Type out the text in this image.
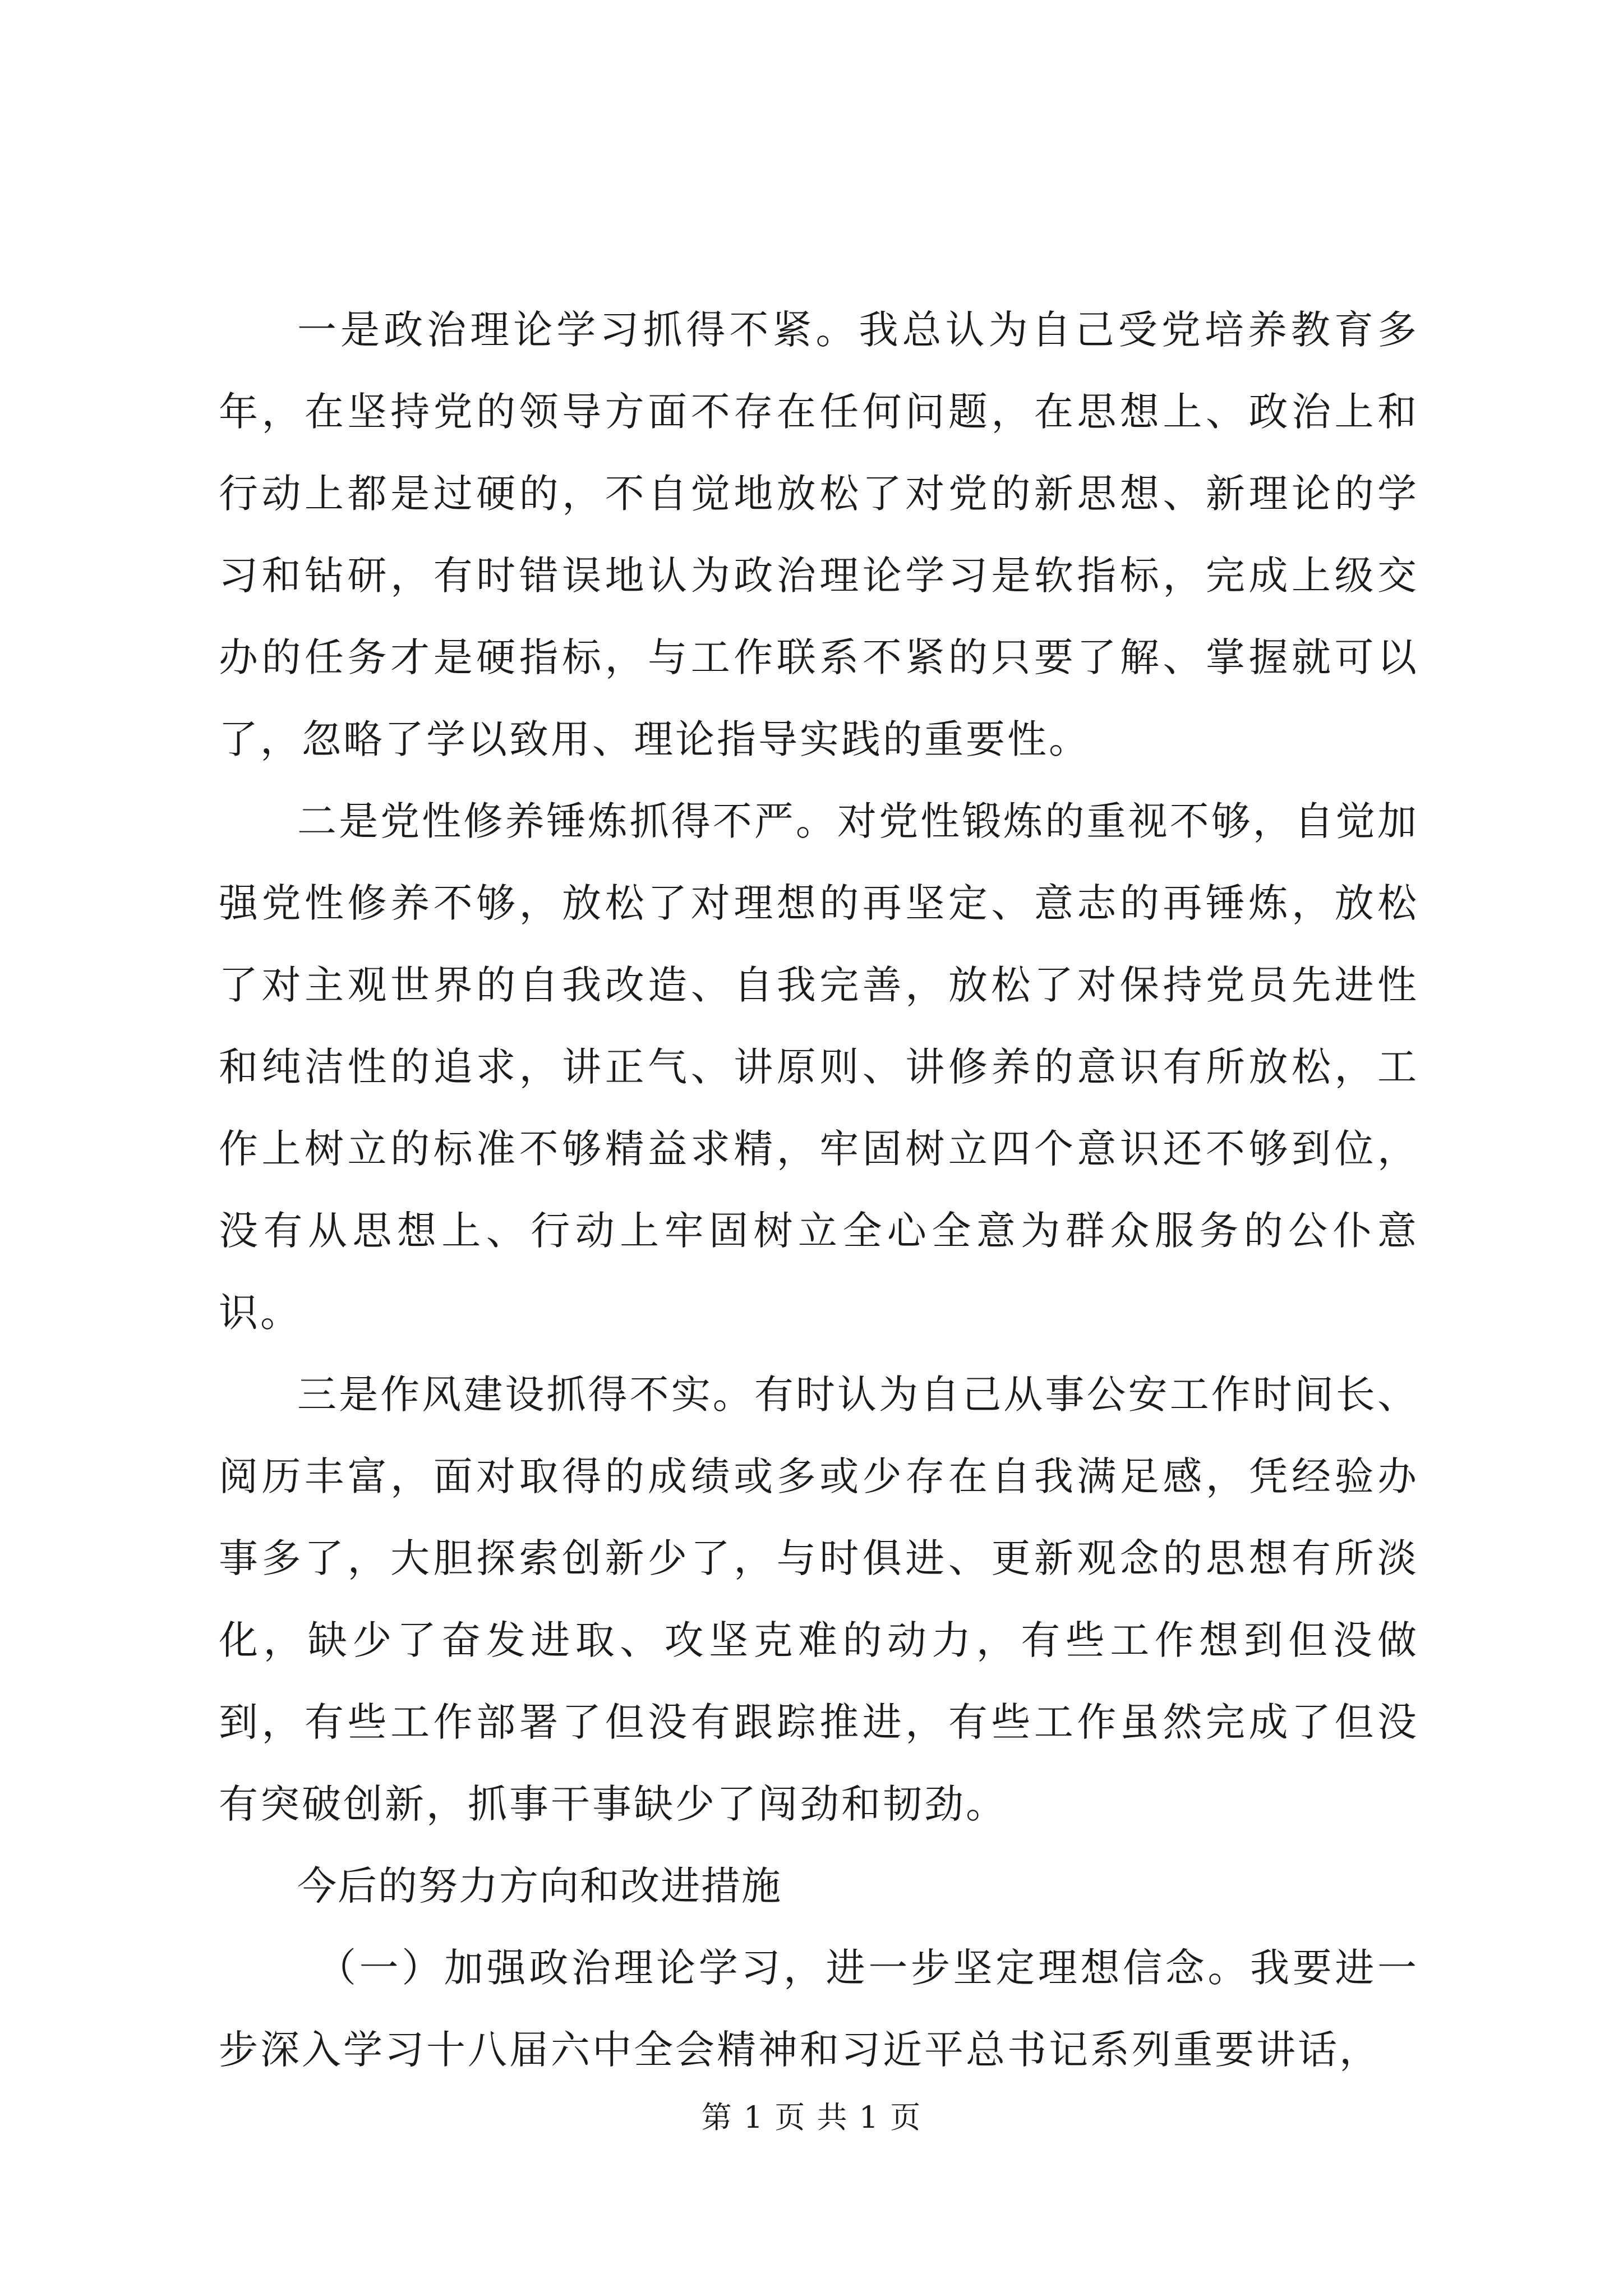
一是政治理论学习抓得不紧。我总认为自己受党培养教育多年，在坚持党的领导方面不存在任何问题，在思想上、政治上和行动上都是过硬的，不自觉地放松了对党的新思想、新理论的学习和钻研，有时错误地认为政治理论学习是软指标，完成上级交办的任务才是硬指标，与工作联系不紧的只要了解、掌握就可以了，忽略了学以致用、理论指导实践的重要性。

二是党性修养锤炼抓得不严。对党性锻炼的重视不够，自觉加强党性修养不够，放松了对理想的再坚定、意志的再锤炼，放松了对主观世界的自我改造、自我完善，放松了对保持党员先进性和纯洁性的追求，讲正气、讲原则、讲修养的意识有所放松，工作上树立的标准不够精益求精，牢固树立四个意识还不够到位，没有从思想上、行动上牢固树立全心全意为群众服务的公仆意识。

三是作风建设抓得不实。有时认为自己从事公安工作时间长、阅历丰富，面对取得的成绩或多或少存在自我满足感，凭经验办事多了，大胆探索创新少了，与时俱进、更新观念的思想有所淡化，缺少了奋发进取、攻坚克难的动力，有些工作想到但没做到，有些工作部署了但没有跟踪推进，有些工作虽然完成了但没有突破创新，抓事干事缺少了闯劲和韧劲。

今后的努力方向和改进措施

（一）加强政治理论学习，进一步坚定理想信念。我要进一步深入学习十八届六中全会精神和习近平总书记系列重要讲话，

第 1 页 共 1 页
